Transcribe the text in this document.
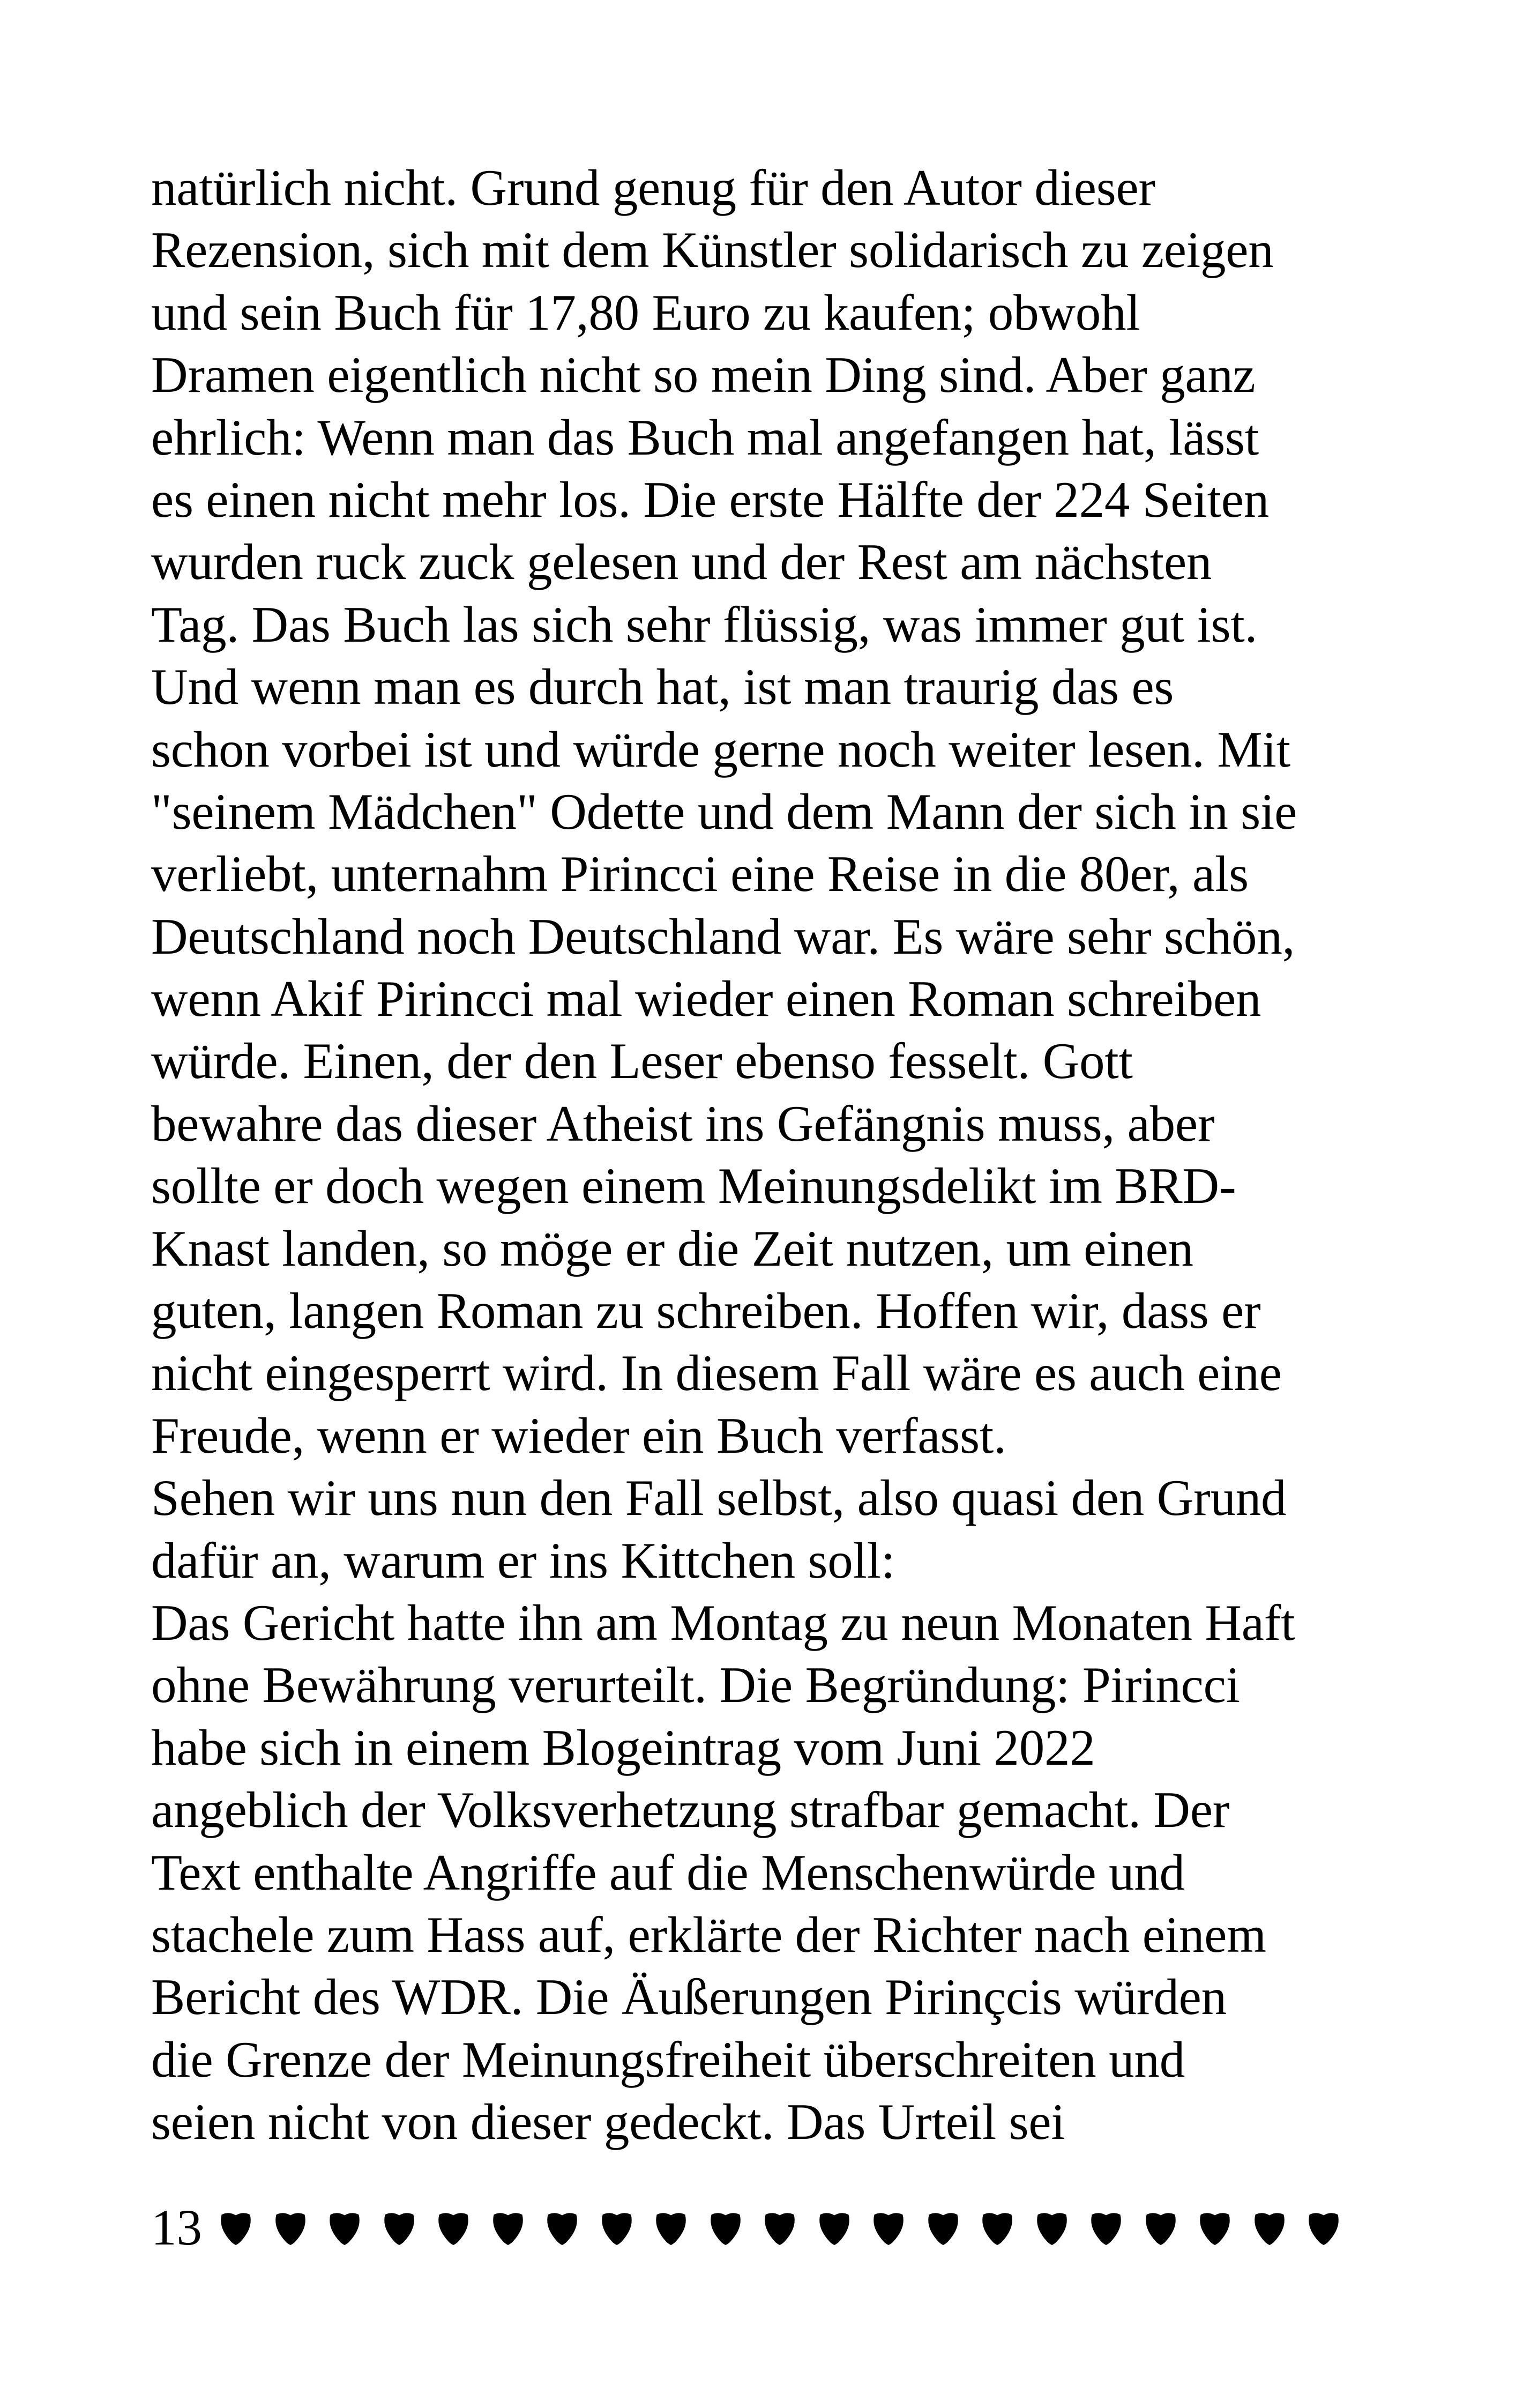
natürlich nicht. Grund genug für den Autor dieser
Rezension, sich mit dem Künstler solidarisch zu zeigen
und sein Buch für 17,80 Euro zu kaufen; obwohl
Dramen eigentlich nicht so mein Ding sind. Aber ganz
ehrlich: Wenn man das Buch mal angefangen hat, lässt
es einen nicht mehr los. Die erste Hälfte der 224 Seiten
wurden ruck zuck gelesen und der Rest am nächsten
Tag. Das Buch las sich sehr flüssig, was immer gut ist.
Und wenn man es durch hat, ist man traurig das es
schon vorbei ist und würde gerne noch weiter lesen. Mit
"seinem Mädchen" Odette und dem Mann der sich in sie
verliebt, unternahm Pirincci eine Reise in die 80er, als
Deutschland noch Deutschland war. Es wäre sehr schön,
wenn Akif Pirincci mal wieder einen Roman schreiben
würde. Einen, der den Leser ebenso fesselt. Gott
bewahre das dieser Atheist ins Gefängnis muss, aber
sollte er doch wegen einem Meinungsdelikt im BRD-
Knast landen, so möge er die Zeit nutzen, um einen
guten, langen Roman zu schreiben. Hoffen wir, dass er
nicht eingesperrt wird. In diesem Fall wäre es auch eine
Freude, wenn er wieder ein Buch verfasst.
Sehen wir uns nun den Fall selbst, also quasi den Grund
dafür an, warum er ins Kittchen soll:
Das Gericht hatte ihn am Montag zu neun Monaten Haft
ohne Bewährung verurteilt. Die Begründung: Pirincci
habe sich in einem Blogeintrag vom Juni 2022
angeblich der Volksverhetzung strafbar gemacht. Der
Text enthalte Angriffe auf die Menschenwürde und
stachele zum Hass auf, erklärte der Richter nach einem
Bericht des WDR. Die Äußerungen Pirinçcis würden
die Grenze der Meinungsfreiheit überschreiten und
seien nicht von dieser gedeckt. Das Urteil sei
13
